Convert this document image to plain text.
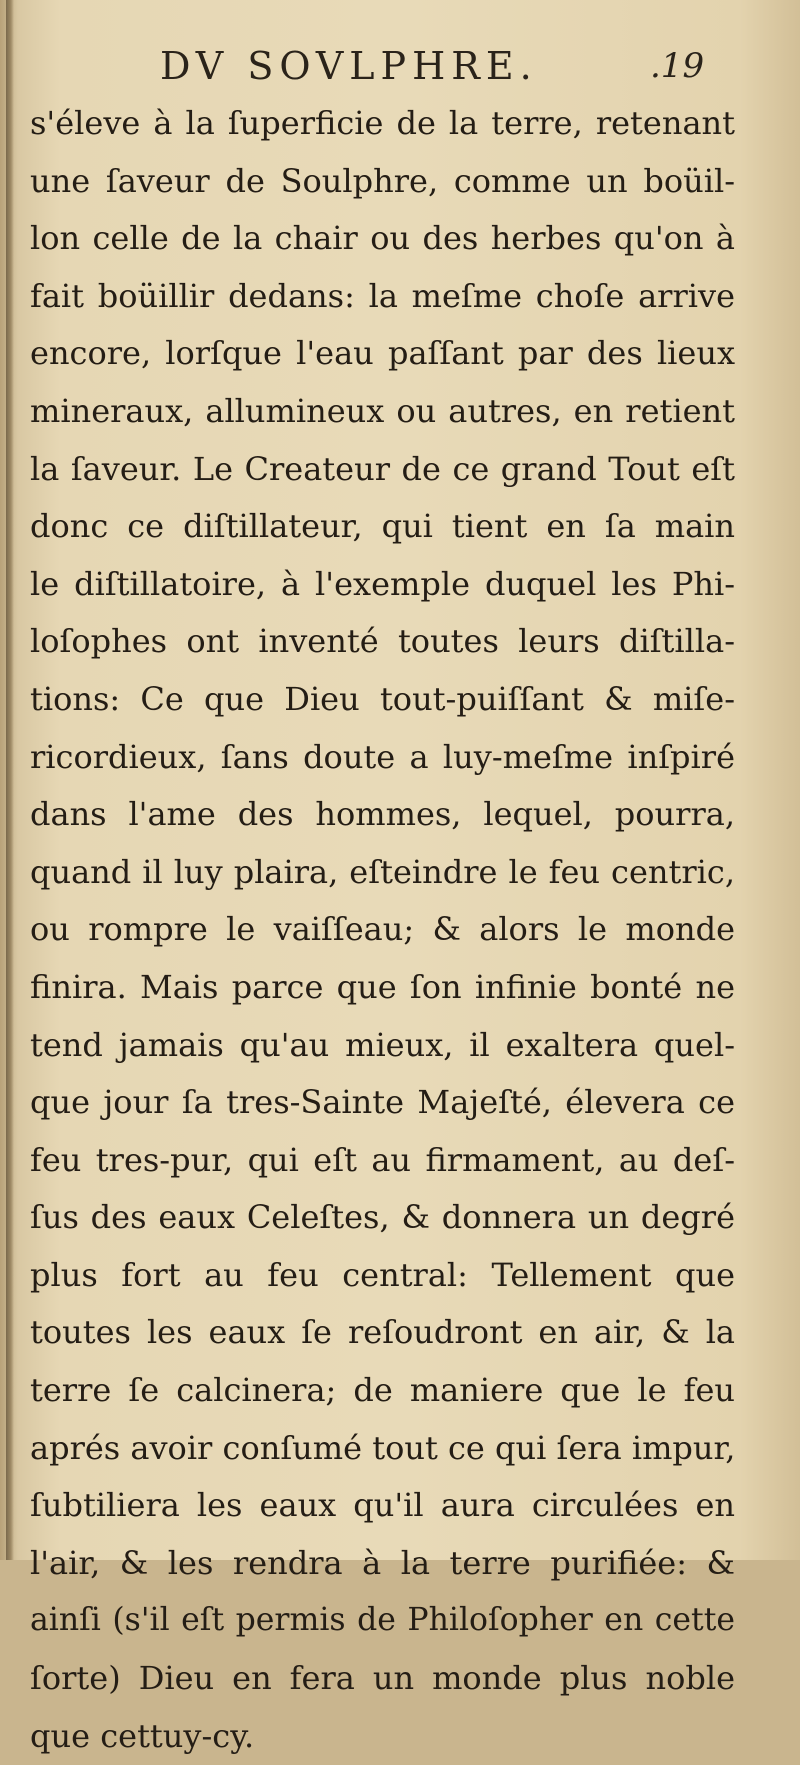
DV SOVLPHRE.	.19
s'éleve à la ſuperficie de la terre, retenant
une ſaveur de Soulphre, comme un boüil-
lon celle de la chair ou des herbes qu'on à
fait boüillir dedans: la meſme choſe arrive
encore, lorſque l'eau paſſant par des lieux
mineraux, allumineux ou autres, en retient
la ſaveur. Le Createur de ce grand Tout eſt
donc ce diſtillateur, qui tient en ſa main
le diſtillatoire, à l'exemple duquel les Phi-
loſophes ont inventé toutes leurs diſtilla-
tions: Ce que Dieu tout-puiſſant & miſe-
ricordieux, ſans doute a luy-meſme inſpiré
dans l'ame des hommes, lequel, pourra,
quand il luy plaira, eſteindre le feu centric,
ou rompre le vaiſſeau; & alors le monde
finira. Mais parce que ſon infinie bonté ne
tend jamais qu'au mieux, il exaltera quel-
que jour ſa tres-Sainte Majeſté, élevera ce
feu tres-pur, qui eſt au firmament, au deſ-
ſus des eaux Celeſtes, & donnera un degré
plus fort au feu central: Tellement que
toutes les eaux ſe reſoudront en air, & la
terre ſe calcinera; de maniere que le feu
aprés avoir conſumé tout ce qui ſera impur,
ſubtiliera les eaux qu'il aura circulées en
l'air, & les rendra à la terre purifiée: &
ainſi (s'il eſt permis de Philoſopher en cette
ſorte) Dieu en fera un monde plus noble
que cettuy-cy.
